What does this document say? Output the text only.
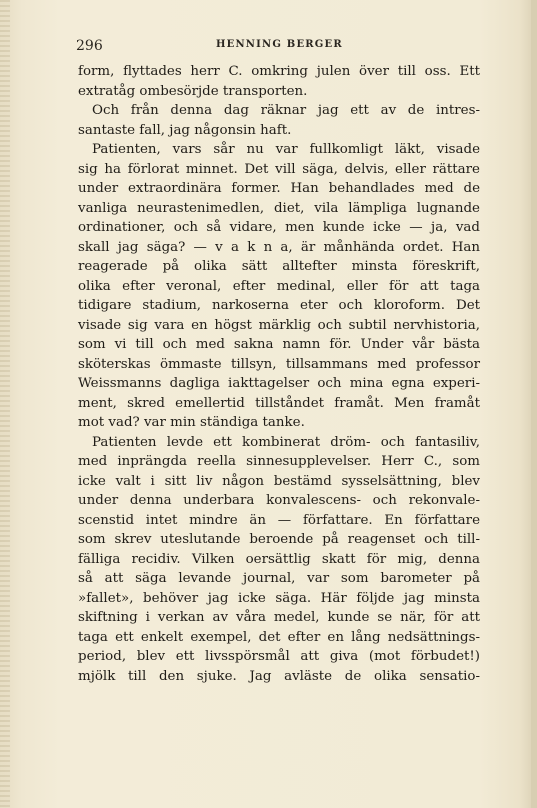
296	HENNING BERGER
form, flyttades herr C. omkring julen över till oss. Ett
extratåg ombesörjde transporten.
Och från denna dag räknar jag ett av de intres-
santaste fall, jag någonsin haft.
Patienten, vars sår nu var fullkomligt läkt, visade
sig ha förlorat minnet. Det vill säga, delvis, eller rättare
under extraordinära former. Han behandlades med de
vanliga neurastenimedlen, diet, vila lämpliga lugnande
ordinationer, och så vidare, men kunde icke — ja, vad
skall jag säga? — v a k n a, är månhända ordet. Han
reagerade på olika sätt alltefter minsta föreskrift,
olika efter veronal, efter medinal, eller för att taga
tidigare stadium, narkoserna eter och kloroform. Det
visade sig vara en högst märklig och subtil nervhistoria,
som vi till och med sakna namn för. Under vår bästa
sköterskas ömmaste tillsyn, tillsammans med professor
Weissmanns dagliga iakttagelser och mina egna experi-
ment, skred emellertid tillståndet framåt. Men framåt
mot vad? var min ständiga tanke.
Patienten levde ett kombinerat dröm- och fantasiliv,
med inprängda reella sinnesupplevelser. Herr C., som
icke valt i sitt liv någon bestämd sysselsättning, blev
under denna underbara konvalescens- och rekonvale-
scenstid intet mindre än — författare. En författare
som skrev uteslutande beroende på reagenset och till-
fälliga recidiv. Vilken oersättlig skatt för mig, denna
så att säga levande journal, var som barometer på
»fallet», behöver jag icke säga. Här följde jag minsta
skiftning i verkan av våra medel, kunde se när, för att
taga ett enkelt exempel, det efter en lång nedsättnings-
period, blev ett livsspörsmål att giva (mot förbudet!)
mjölk till den sjuke. Jag avläste de olika sensatio-
